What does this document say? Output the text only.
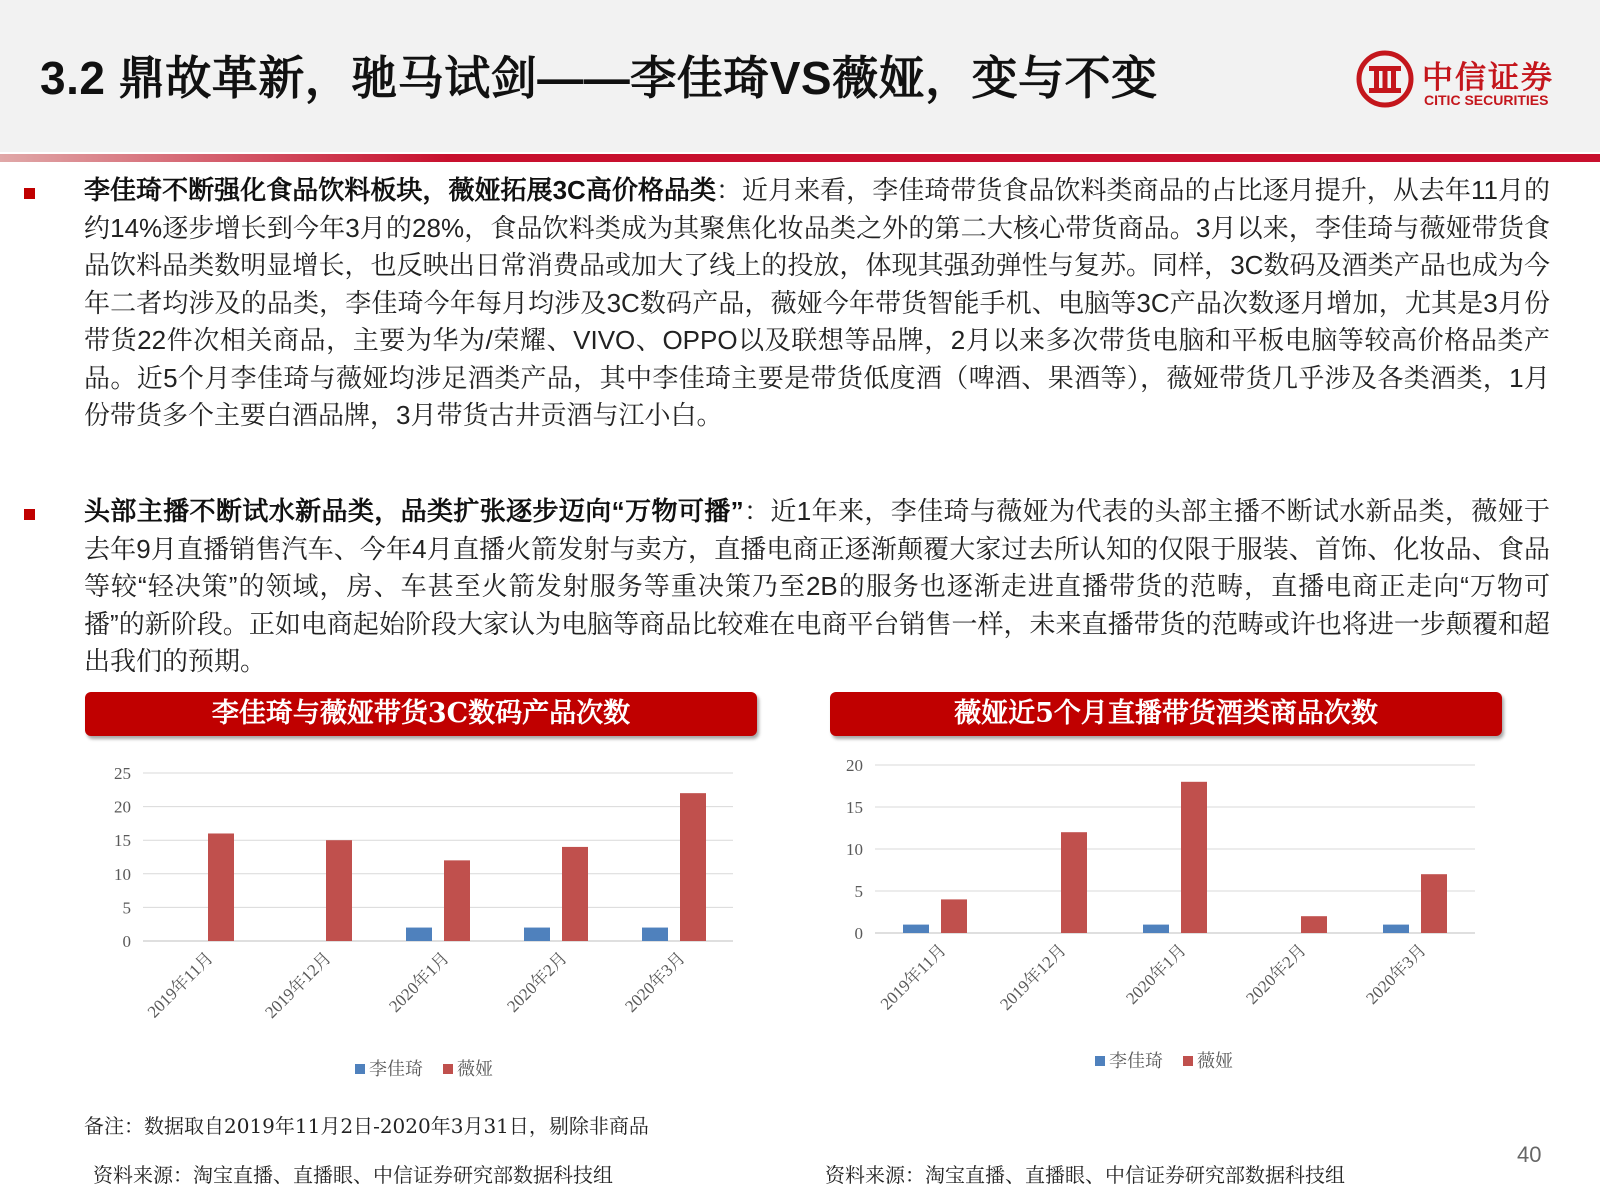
3.2 鼎故革新，驰马试剑——李佳琦VS薇娅，变与不变	中信证券
CITIC SECURITIES
李佳琦不断强化食品饮料板块，薇娅拓展3C高价格品类：近月来看，李佳琦带货食品饮料类商品的占比逐月提升，从去年11月的约14%逐步增长到今年3月的28%，食品饮料类成为其聚焦化妆品类之外的第二大核心带货商品。3月以来，李佳琦与薇娅带货食品饮料品类数明显增长，也反映出日常消费品或加大了线上的投放，体现其强劲弹性与复苏。同样，3C数码及酒类产品也成为今年二者均涉及的品类，李佳琦今年每月均涉及3C数码产品，薇娅今年带货智能手机、电脑等3C产品次数逐月增加，尤其是3月份带货22件次相关商品，主要为华为/荣耀、VIVO、OPPO以及联想等品牌，2月以来多次带货电脑和平板电脑等较高价格品类产品。近5个月李佳琦与薇娅均涉足酒类产品，其中李佳琦主要是带货低度酒（啤酒、果酒等），薇娅带货几乎涉及各类酒类，1月份带货多个主要白酒品牌，3月带货古井贡酒与江小白。
头部主播不断试水新品类，品类扩张逐步迈向“万物可播”：近1年来，李佳琦与薇娅为代表的头部主播不断试水新品类，薇娅于去年9月直播销售汽车、今年4月直播火箭发射与卖方，直播电商正逐渐颠覆大家过去所认知的仅限于服装、首饰、化妆品、食品等较“轻决策”的领域，房、车甚至火箭发射服务等重决策乃至2B的服务也逐渐走进直播带货的范畴，直播电商正走向“万物可播”的新阶段。正如电商起始阶段大家认为电脑等商品比较难在电商平台销售一样，未来直播带货的范畴或许也将进一步颠覆和超出我们的预期。
李佳琦与薇娅带货3C数码产品次数
0
5
10
15
20
25
2019年11月	2019年12月	2020年1月	2020年2月	2020年3月
李佳琦 薇娅
薇娅近5个月直播带货酒类商品次数
0
5
10
15
20
2019年11月	2019年12月	2020年1月	2020年2月	2020年3月
李佳琦 薇娅
备注：数据取自2019年11月2日-2020年3月31日，剔除非商品
资料来源：淘宝直播、直播眼、中信证券研究部数据科技组	资料来源：淘宝直播、直播眼、中信证券研究部数据科技组
40
